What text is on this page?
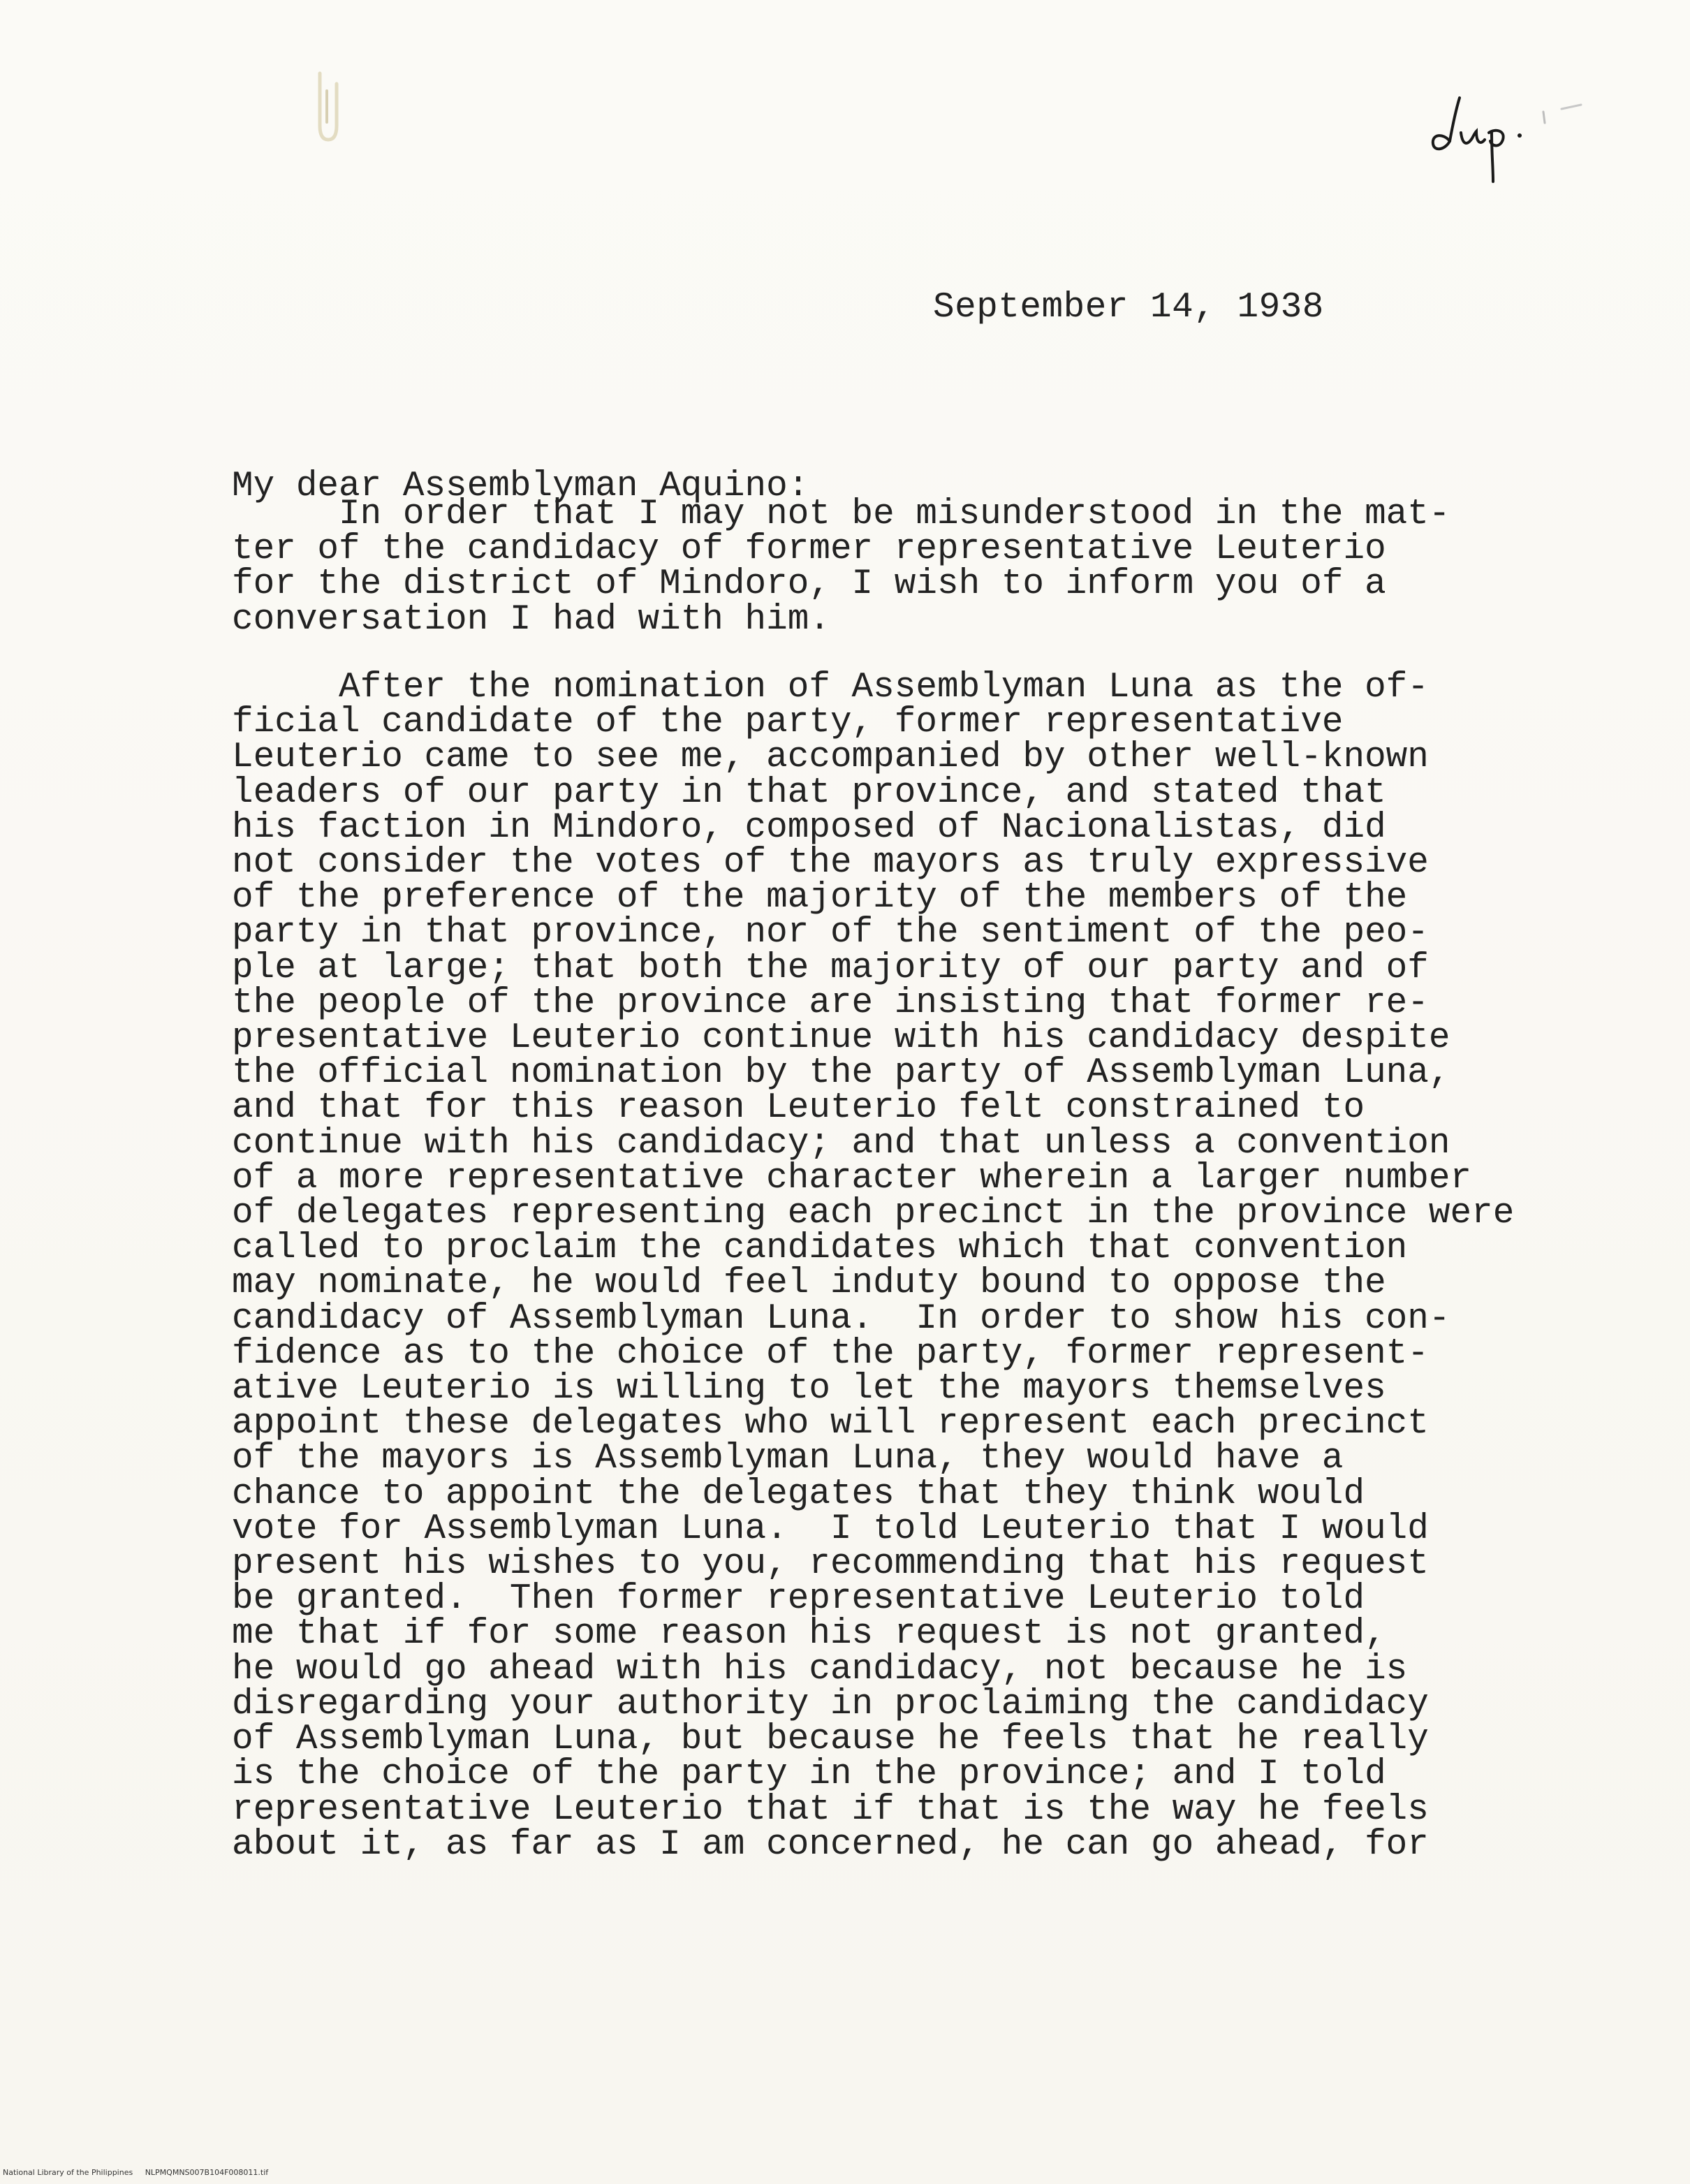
September 14, 1938
My dear Assemblyman Aquino:
In order that I may not be misunderstood in the mat-
ter of the candidacy of former representative Leuterio
for the district of Mindoro, I wish to inform you of a
conversation I had with him.
After the nomination of Assemblyman Luna as the of-
ficial candidate of the party, former representative
Leuterio came to see me, accompanied by other well-known
leaders of our party in that province, and stated that
his faction in Mindoro, composed of Nacionalistas, did
not consider the votes of the mayors as truly expressive
of the preference of the majority of the members of the
party in that province, nor of the sentiment of the peo-
ple at large; that both the majority of our party and of
the people of the province are insisting that former re-
presentative Leuterio continue with his candidacy despite
the official nomination by the party of Assemblyman Luna,
and that for this reason Leuterio felt constrained to
continue with his candidacy; and that unless a convention
of a more representative character wherein a larger number
of delegates representing each precinct in the province were
called to proclaim the candidates which that convention
may nominate, he would feel induty bound to oppose the
candidacy of Assemblyman Luna.  In order to show his con-
fidence as to the choice of the party, former represent-
ative Leuterio is willing to let the mayors themselves
appoint these delegates who will represent each precinct
of the mayors is Assemblyman Luna, they would have a
chance to appoint the delegates that they think would
vote for Assemblyman Luna.  I told Leuterio that I would
present his wishes to you, recommending that his request
be granted.  Then former representative Leuterio told
me that if for some reason his request is not granted,
he would go ahead with his candidacy, not because he is
disregarding your authority in proclaiming the candidacy
of Assemblyman Luna, but because he feels that he really
is the choice of the party in the province; and I told
representative Leuterio that if that is the way he feels
about it, as far as I am concerned, he can go ahead, for
National Library of the Philippines     NLPMQMNS007B104F008011.tif
